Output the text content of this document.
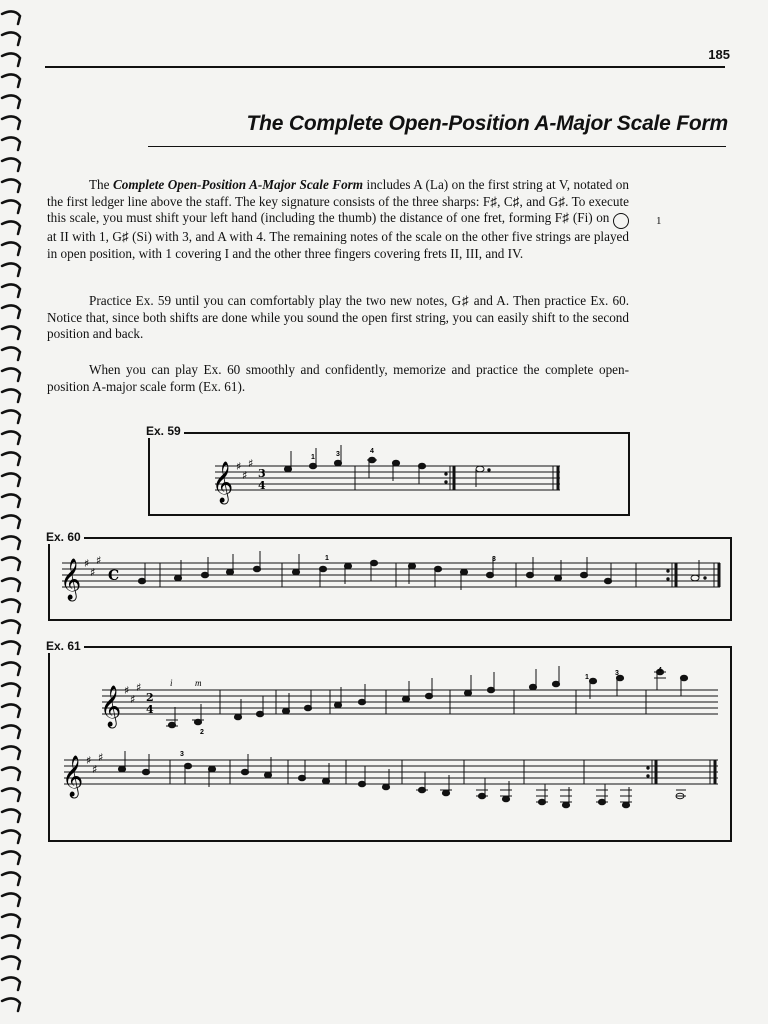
185
The Complete Open-Position A-Major Scale Form

The Complete Open-Position A-Major Scale Form includes A (La) on the first string at V, notated on the first ledger line above the staff. The key signature consists of the three sharps: F♯, C♯, and G♯. To execute this scale, you must shift your left hand (including the thumb) the distance of one fret, forming F♯ (Fi) on	1 at II with 1, G♯ (Si) with 3, and A with 4. The remaining notes of the scale on the other five strings are played in open position, with 1 covering I and the other three fingers covering frets II, III, and IV.

Practice Ex. 59 until you can comfortably play the two new notes, G♯ and A. Then practice Ex. 60. Notice that, since both shifts are done while you sound the open first string, you can easily shift to the second position and back.

When you can play Ex. 60 smoothly and confidently, memorize and practice the complete open-position A-major scale form (Ex. 61).

Ex. 59
𝄞 ♯
♯
♯
3
4
1	3	4
Ex. 60
𝄞 ♯
♯
♯
C
1	3
Ex. 61
𝄞 ♯
♯
♯
2
4
𝄞 ♯
♯
♯
i m
2
1
3	4
3
